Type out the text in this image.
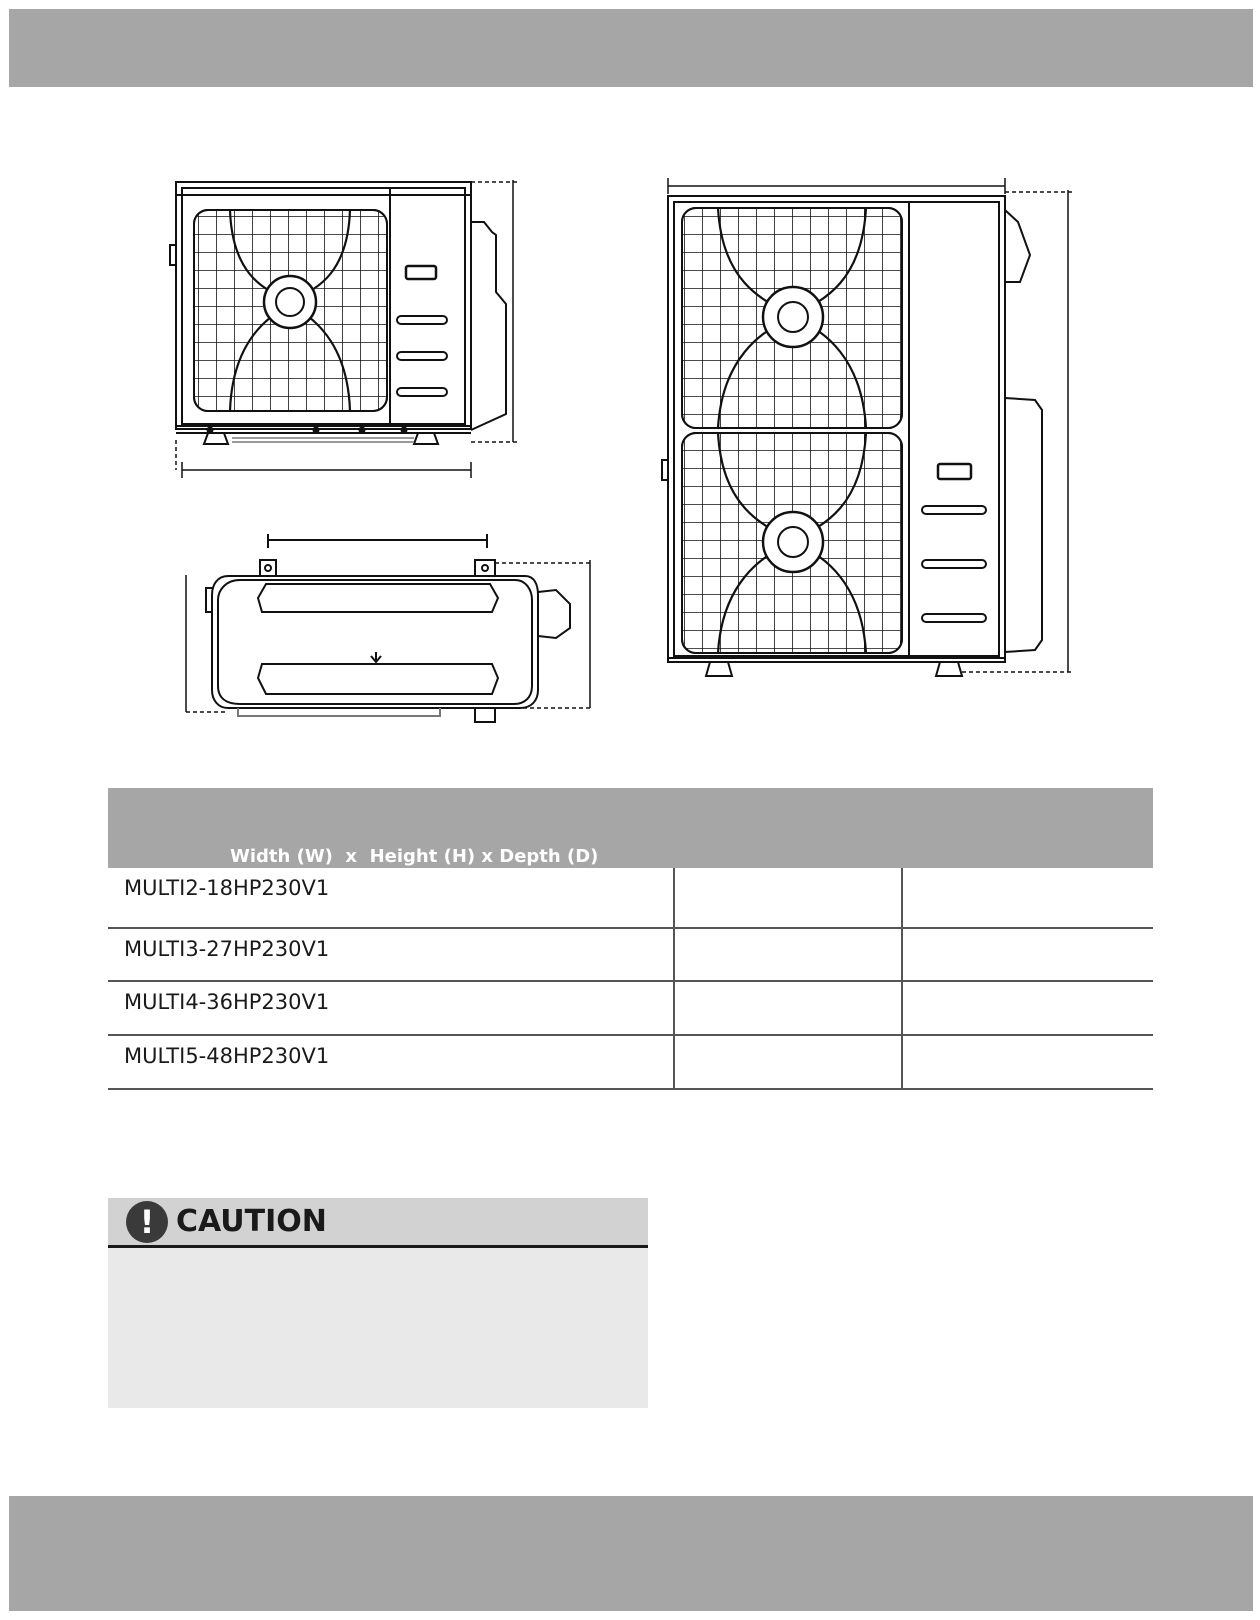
Width (W)  x  Height (H) x Depth (D)
MULTI2-18HP230V1
MULTI3-27HP230V1
MULTI4-36HP230V1
MULTI5-48HP230V1
! CAUTION
